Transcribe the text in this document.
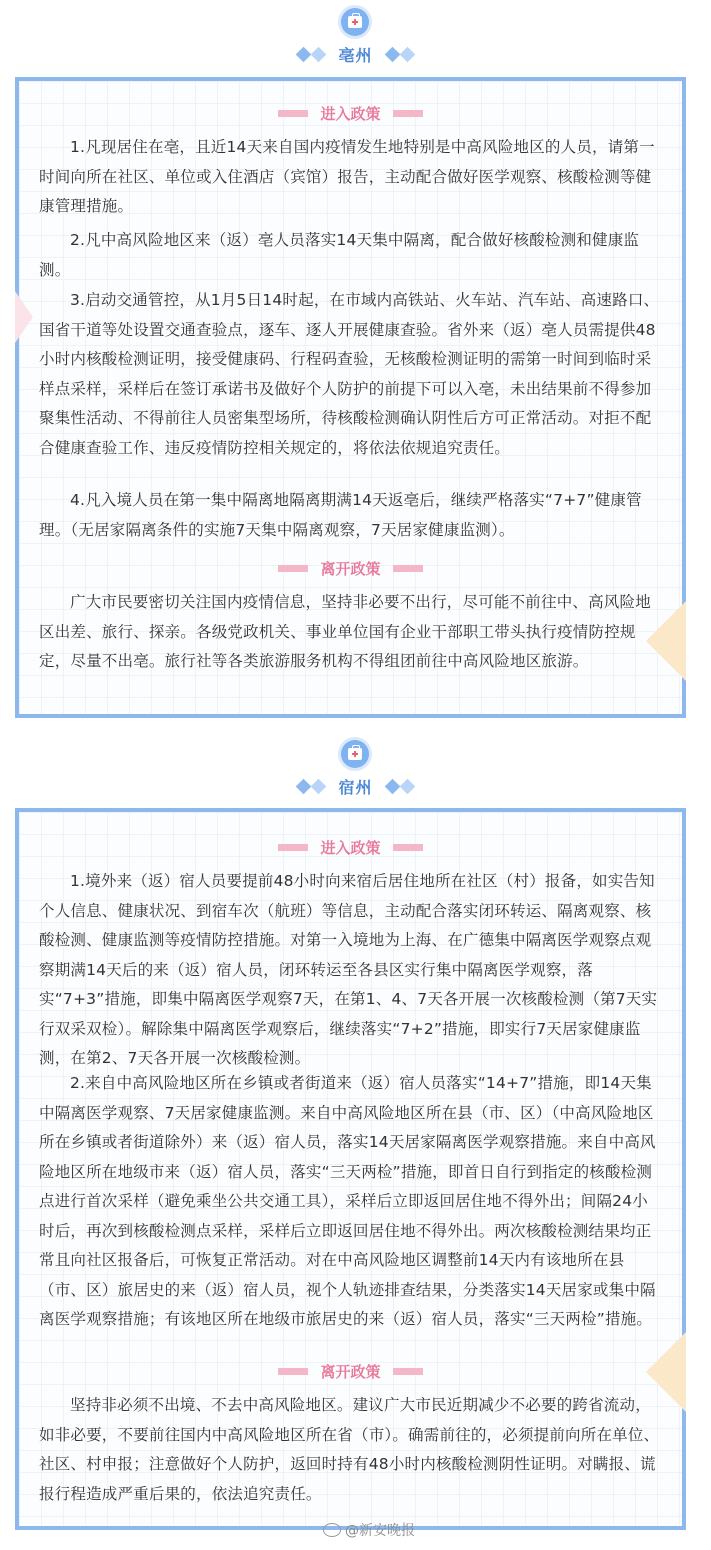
亳州
进入政策

1.凡现居住在亳，且近14天来自国内疫情发生地特别是中高风险地区的人员，请第一时间向所在社区、单位或入住酒店（宾馆）报告，主动配合做好医学观察、核酸检测等健康管理措施。

2.凡中高风险地区来（返）亳人员落实14天集中隔离，配合做好核酸检测和健康监测。

3.启动交通管控，从1月5日14时起，在市域内高铁站、火车站、汽车站、高速路口、国省干道等处设置交通查验点，逐车、逐人开展健康查验。省外来（返）亳人员需提供48小时内核酸检测证明，接受健康码、行程码查验，无核酸检测证明的需第一时间到临时采样点采样，采样后在签订承诺书及做好个人防护的前提下可以入亳，未出结果前不得参加聚集性活动、不得前往人员密集型场所，待核酸检测确认阴性后方可正常活动。对拒不配合健康查验工作、违反疫情防控相关规定的，将依法依规追究责任。

4.凡入境人员在第一集中隔离地隔离期满14天返亳后，继续严格落实“7+7”健康管理。（无居家隔离条件的实施7天集中隔离观察，7天居家健康监测）。

离开政策

广大市民要密切关注国内疫情信息，坚持非必要不出行，尽可能不前往中、高风险地区出差、旅行、探亲。各级党政机关、事业单位国有企业干部职工带头执行疫情防控规定，尽量不出亳。旅行社等各类旅游服务机构不得组团前往中高风险地区旅游。

宿州
进入政策

1.境外来（返）宿人员要提前48小时向来宿后居住地所在社区（村）报备，如实告知个人信息、健康状况、到宿车次（航班）等信息，主动配合落实闭环转运、隔离观察、核酸检测、健康监测等疫情防控措施。对第一入境地为上海、在广德集中隔离医学观察点观察期满14天后的来（返）宿人员，闭环转运至各县区实行集中隔离医学观察，落实“7+3”措施，即集中隔离医学观察7天，在第1、4、7天各开展一次核酸检测（第7天实行双采双检）。解除集中隔离医学观察后，继续落实“7+2”措施，即实行7天居家健康监测，在第2、7天各开展一次核酸检测。

2.来自中高风险地区所在乡镇或者街道来（返）宿人员落实“14+7”措施，即14天集中隔离医学观察、7天居家健康监测。来自中高风险地区所在县（市、区）（中高风险地区所在乡镇或者街道除外）来（返）宿人员，落实14天居家隔离医学观察措施。来自中高风险地区所在地级市来（返）宿人员，落实“三天两检”措施，即首日自行到指定的核酸检测点进行首次采样（避免乘坐公共交通工具），采样后立即返回居住地不得外出；间隔24小时后，再次到核酸检测点采样，采样后立即返回居住地不得外出。两次核酸检测结果均正常且向社区报备后，可恢复正常活动。对在中高风险地区调整前14天内有该地所在县（市、区）旅居史的来（返）宿人员，视个人轨迹排查结果，分类落实14天居家或集中隔离医学观察措施；有该地区所在地级市旅居史的来（返）宿人员，落实“三天两检”措施。

离开政策

坚持非必须不出境、不去中高风险地区。建议广大市民近期减少不必要的跨省流动，如非必要，不要前往国内中高风险地区所在省（市）。确需前往的，必须提前向所在单位、社区、村申报；注意做好个人防护，返回时持有48小时内核酸检测阴性证明。对瞒报、谎报行程造成严重后果的，依法追究责任。

@新安晚报
